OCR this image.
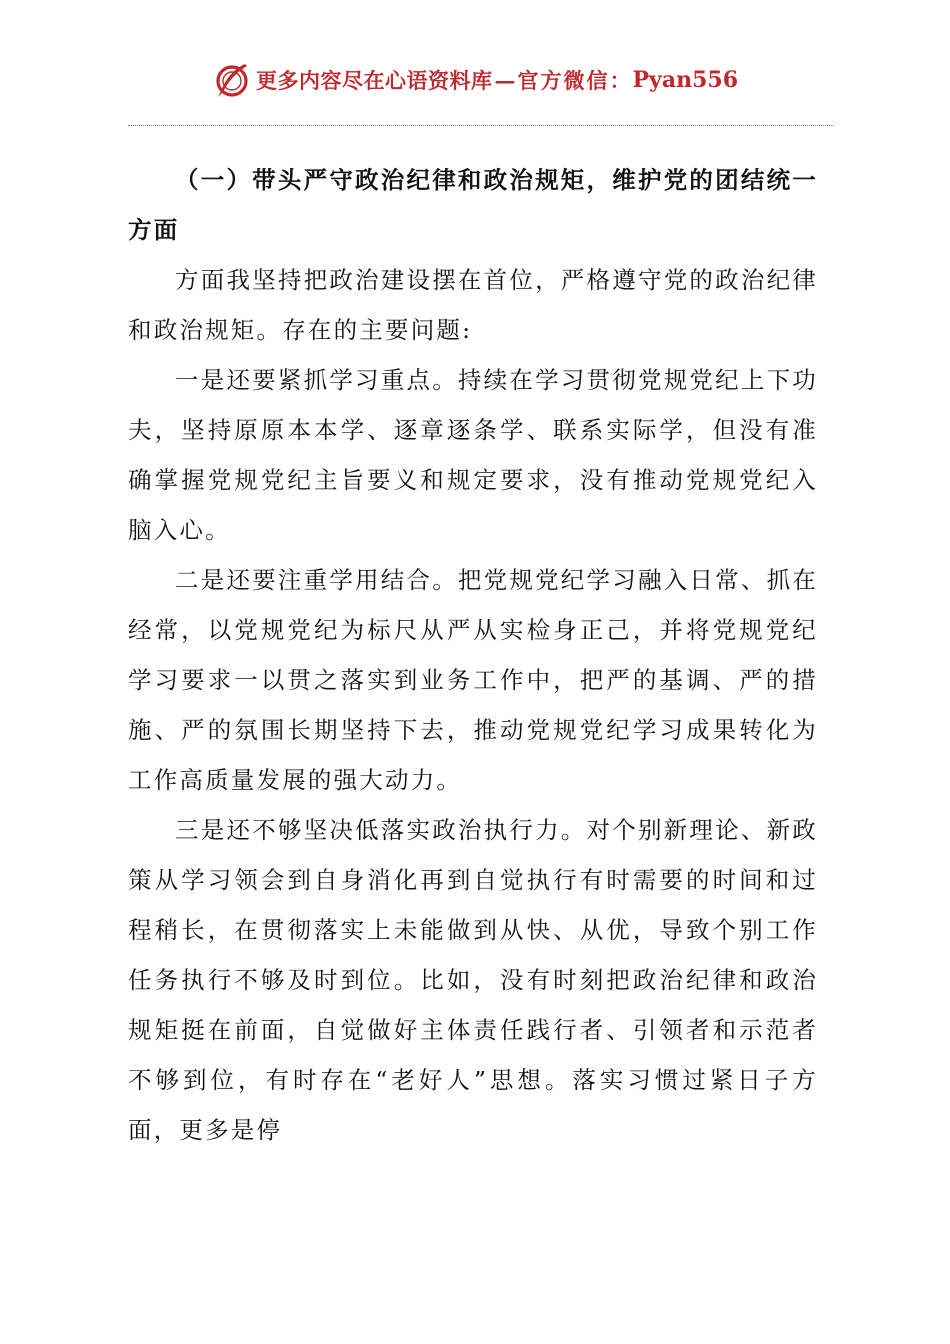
更多内容尽在心语资料库 — 官方微信： Pyan556

（一）带头严守政治纪律和政治规矩，维护党的团结统一方面

方面我坚持把政治建设摆在首位，严格遵守党的政治纪律和政治规矩。存在的主要问题:

一是还要紧抓学习重点。持续在学习贯彻党规党纪上下功夫，坚持原原本本学、逐章逐条学、联系实际学，但没有准确掌握党规党纪主旨要义和规定要求，没有推动党规党纪入脑入心。

二是还要注重学用结合。把党规党纪学习融入日常、抓在经常，以党规党纪为标尺从严从实检身正己，并将党规党纪学习要求一以贯之落实到业务工作中，把严的基调、严的措施、严的氛围长期坚持下去，推动党规党纪学习成果转化为工作高质量发展的强大动力。

三是还不够坚决低落实政治执行力。对个别新理论、新政策从学习领会到自身消化再到自觉执行有时需要的时间和过程稍长，在贯彻落实上未能做到从快、从优，导致个别工作任务执行不够及时到位。比如，没有时刻把政治纪律和政治规矩挺在前面，自觉做好主体责任践行者、引领者和示范者不够到位，有时存在“老好人”思想。落实习惯过紧日子方面，更多是停
